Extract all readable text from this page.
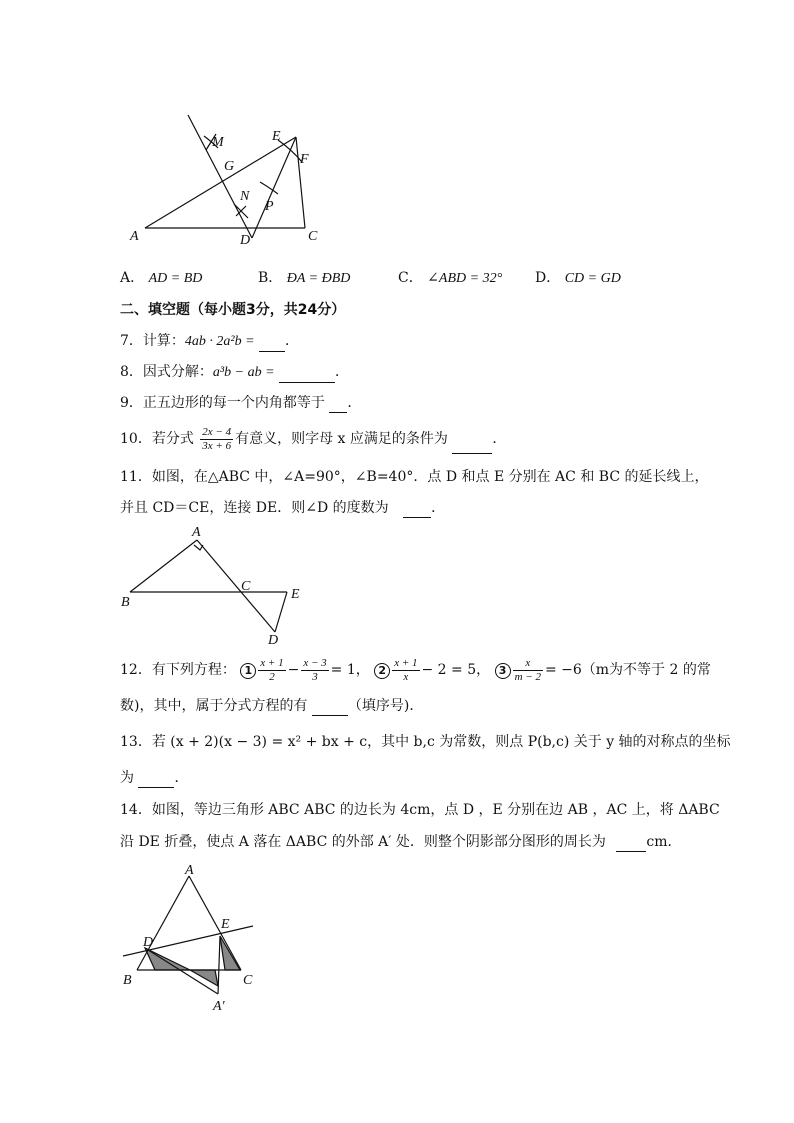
M	E
G	F
N
P
A	D	C
A． AD = BD	B． ÐA = ÐBD	C． ∠ABD = 32° D． CD = GD
二、填空题（每小题3分，共24分）
7．计算：4ab · 2a²b = ．
8．因式分解：a³b − ab =	．
9．正五边形的每一个内角都等于 ．
10．若分式 $\frac{2x - 4}{3x + 6}$ 有意义，则字母 x 应满足的条件为	．
11．如图，在△ABC 中，∠A=90°，∠B=40°．点 D 和点 E 分别在 AC 和 BC 的延长线上，
并且 CD＝CE，连接 DE．则∠D 的度数为	．
A
B
C
E
D
12．有下列方程： $1 \frac{x + 1}{2} - \frac{x - 3}{3} = 1$， $2 \frac{x + 1}{x} - 2 = 5$， $3 \frac{x}{m - 2} = -6(m$为不等于 2 的常
数)，其中，属于分式方程的有	（填序号)．
13．若 (x + 2)(x − 3) = x² + bx + c，其中 b,c 为常数，则点 P(b,c) 关于 y 轴的对称点的坐标
为	．
14．如图，等边三角形 ABC ABC 的边长为 4cm，点 D ，E 分别在边 AB ，AC 上，将 ΔABC
沿 DE 折叠，使点 A 落在 ΔABC 的外部 A′ 处．则整个阴影部分图形的周长为	cm．
A
D
E
B	C
A′
